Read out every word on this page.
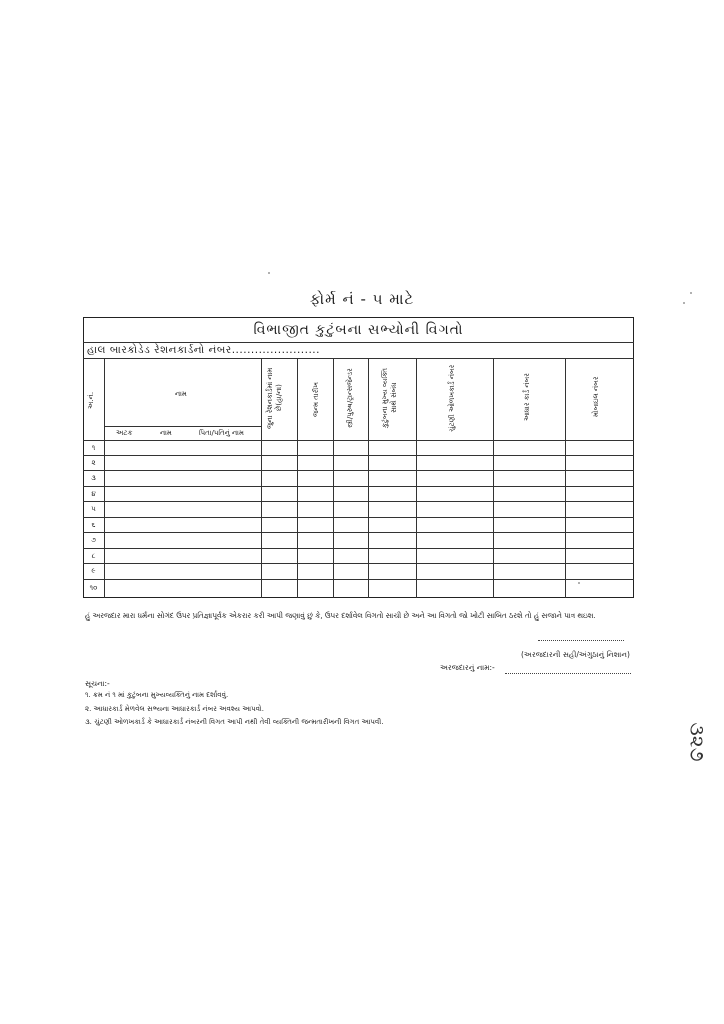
ફોર્મ નં - ૫ માટે
વિભાજીત કુટુંબના સભ્યોની વિગતો
હાલ બારકોડેડ રેશનકાર્ડનો નંબર.......................
અ.નં.	નામ
અટક	નામ	પિતા/પતિનું નામ
જુના રેશનકાર્ડમાં નામ છે(હા/ના)	જન્મ તારીખ	સ્ત્રી/પુરુષ/ટ્રાન્સજેન્ડર	કુટુંબના મુખ્ય વ્યક્તિ સાથે સંબંધ	ચુંટણી ઓળખકાર્ડ નંબર	આધાર કાર્ડ નંબર	મોબાઇલ નંબર
૧
૨
૩
૪
૫
૬
૭
૮
૯
૧૦
હું અરજદાર મારા ધર્મના સોગંદ ઉપર પ્રતિજ્ઞાપૂર્વક એકરાર કરી આપી જણાવું છું કે, ઉપર દર્શાવેલ વિગતો સાચી છે અને આ વિગતો જો ખોટી સાબિત ઠરશે તો હું સજાને પાત્ર થઇશ.
(અરજદારની સહી/અંગુઠાનું નિશાન)
અરજદારનું નામ:-
સૂચના:-
૧. ક્રમ નં ૧ માં કુટુંબના મુખ્યવ્યક્તિનું નામ દર્શાવવું.
૨. આધારકાર્ડ મેળવેલ સભ્યના આધારકાર્ડ નંબર અવશ્ય આપવો.
૩. ચુંટણી ઓળખકાર્ડ કે આધારકાર્ડ નંબરની વિગત આપી નથી તેવી વ્યક્તિની જન્મતારીખની વિગત આપવી.
૩૨૭
